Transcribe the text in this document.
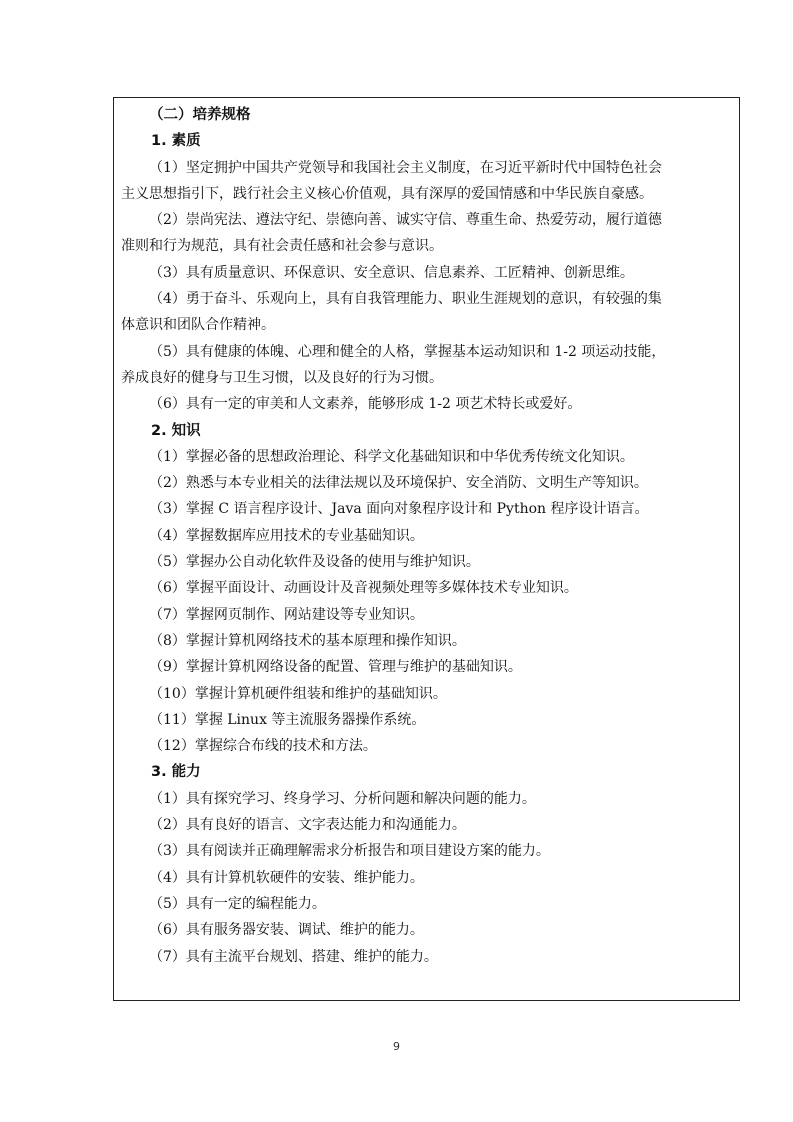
（二）培养规格
1. 素质
（1）坚定拥护中国共产党领导和我国社会主义制度，在习近平新时代中国特色社会
主义思想指引下，践行社会主义核心价值观，具有深厚的爱国情感和中华民族自豪感。
（2）崇尚宪法、遵法守纪、崇德向善、诚实守信、尊重生命、热爱劳动，履行道德
准则和行为规范，具有社会责任感和社会参与意识。
（3）具有质量意识、环保意识、安全意识、信息素养、工匠精神、创新思维。
（4）勇于奋斗、乐观向上，具有自我管理能力、职业生涯规划的意识，有较强的集
体意识和团队合作精神。
（5）具有健康的体魄、心理和健全的人格，掌握基本运动知识和 1-2 项运动技能，
养成良好的健身与卫生习惯，以及良好的行为习惯。
（6）具有一定的审美和人文素养，能够形成 1-2 项艺术特长或爱好。
2. 知识
（1）掌握必备的思想政治理论、科学文化基础知识和中华优秀传统文化知识。
（2）熟悉与本专业相关的法律法规以及环境保护、安全消防、文明生产等知识。
（3）掌握 C 语言程序设计、Java 面向对象程序设计和 Python 程序设计语言。
（4）掌握数据库应用技术的专业基础知识。
（5）掌握办公自动化软件及设备的使用与维护知识。
（6）掌握平面设计、动画设计及音视频处理等多媒体技术专业知识。
（7）掌握网页制作、网站建设等专业知识。
（8）掌握计算机网络技术的基本原理和操作知识。
（9）掌握计算机网络设备的配置、管理与维护的基础知识。
（10）掌握计算机硬件组装和维护的基础知识。
（11）掌握 Linux 等主流服务器操作系统。
（12）掌握综合布线的技术和方法。
3. 能力
（1）具有探究学习、终身学习、分析问题和解决问题的能力。
（2）具有良好的语言、文字表达能力和沟通能力。
（3）具有阅读并正确理解需求分析报告和项目建设方案的能力。
（4）具有计算机软硬件的安装、维护能力。
（5）具有一定的编程能力。
（6）具有服务器安装、调试、维护的能力。
（7）具有主流平台规划、搭建、维护的能力。
9
